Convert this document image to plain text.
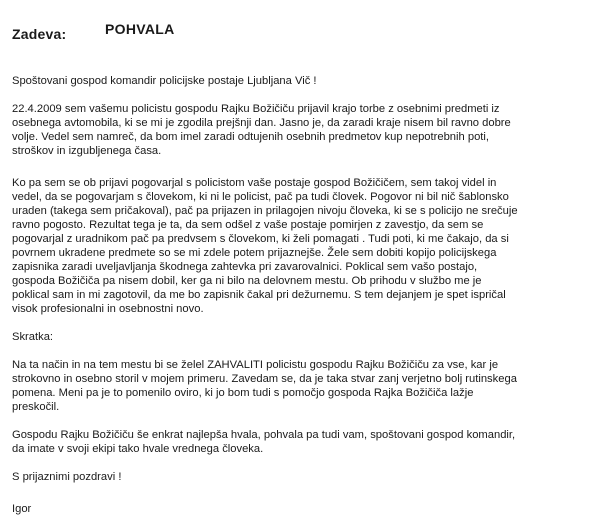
Zadeva:	POHVALA

Spoštovani gospod komandir policijske postaje Ljubljana Vič !

22.4.2009 sem vašemu policistu gospodu Rajku Božičiču prijavil krajo torbe z osebnimi predmeti iz
osebnega avtomobila, ki se mi je zgodila prejšnji dan. Jasno je, da zaradi kraje nisem bil ravno dobre
volje. Vedel sem namreč, da bom imel zaradi odtujenih osebnih predmetov kup nepotrebnih poti,
stroškov in izgubljenega časa.

Ko pa sem se ob prijavi pogovarjal s policistom vaše postaje gospod Božičičem, sem takoj videl in
vedel, da se pogovarjam s človekom, ki ni le policist, pač pa tudi človek. Pogovor ni bil nič šablonsko
uraden (takega sem pričakoval), pač pa prijazen in prilagojen nivoju človeka, ki se s policijo ne srečuje
ravno pogosto. Rezultat tega je ta, da sem odšel z vaše postaje pomirjen z zavestjo, da sem se
pogovarjal z uradnikom pač pa predvsem s človekom, ki želi pomagati . Tudi poti, ki me čakajo, da si
povrnem ukradene predmete so se mi zdele potem prijaznejše. Žele sem dobiti kopijo policijskega
zapisnika zaradi uveljavljanja škodnega zahtevka pri zavarovalnici. Poklical sem vašo postajo,
gospoda Božičiča pa nisem dobil, ker ga ni bilo na delovnem mestu. Ob prihodu v službo me je
poklical sam in mi zagotovil, da me bo zapisnik čakal pri dežurnemu. S tem dejanjem je spet ispričal
visok profesionalni in osebnostni novo.

Skratka:

Na ta način in na tem mestu bi se želel ZAHVALITI policistu gospodu Rajku Božičiču za vse, kar je
strokovno in osebno storil v mojem primeru. Zavedam se, da je taka stvar zanj verjetno bolj rutinskega
pomena. Meni pa je to pomenilo oviro, ki jo bom tudi s pomočjo gospoda Rajka Božičiča lažje
preskočil.

Gospodu Rajku Božičiču še enkrat najlepša hvala, pohvala pa tudi vam, spoštovani gospod komandir,
da imate v svoji ekipi tako hvale vrednega človeka.

S prijaznimi pozdravi !

Igor
